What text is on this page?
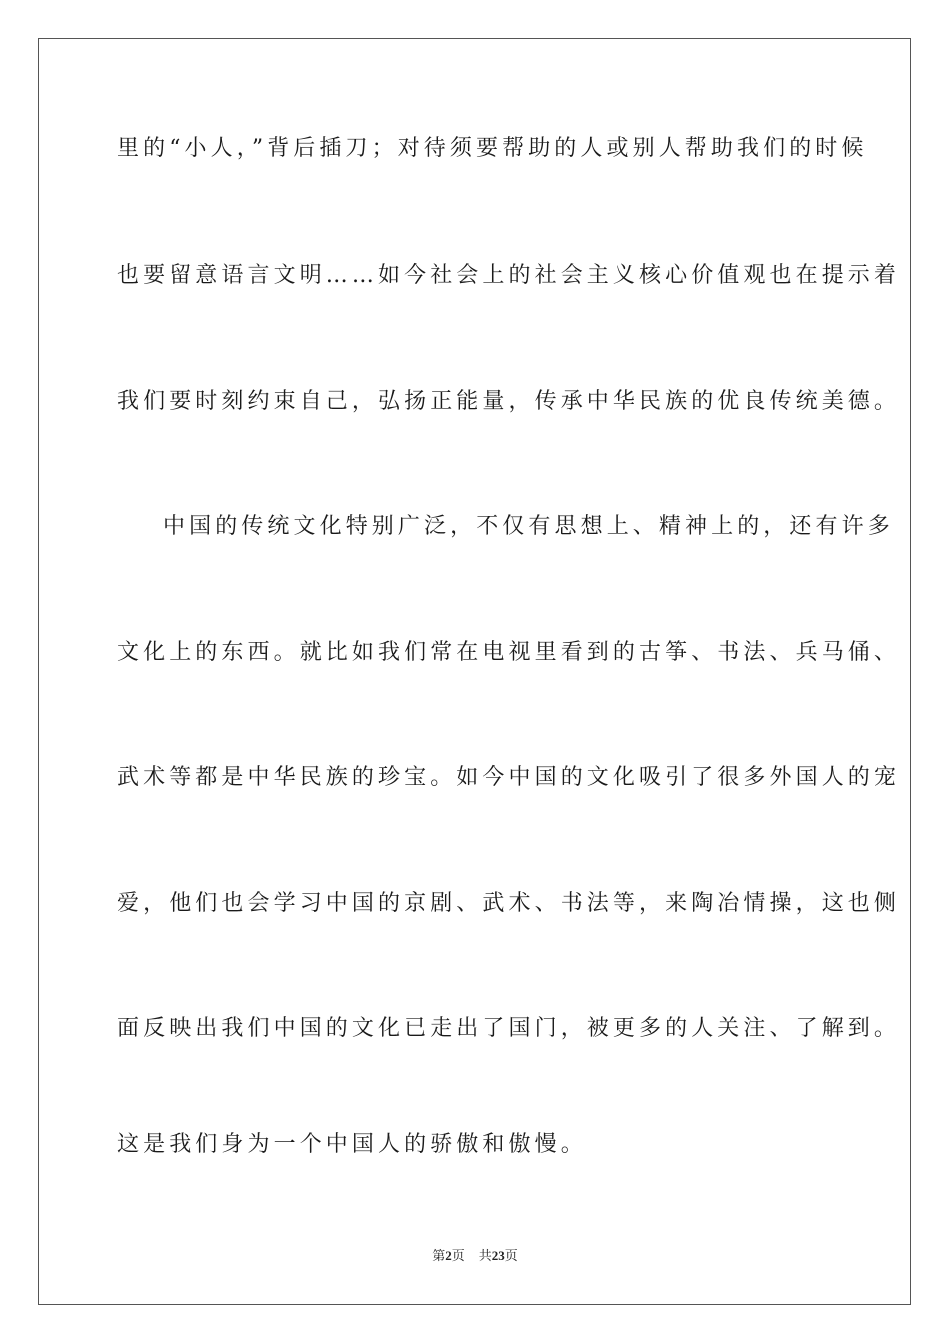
里的“小人，”背后插刀；对待须要帮助的人或别人帮助我们的时候
也要留意语言文明……如今社会上的社会主义核心价值观也在提示着
我们要时刻约束自己，弘扬正能量，传承中华民族的优良传统美德。
中国的传统文化特别广泛，不仅有思想上、精神上的，还有许多
文化上的东西。就比如我们常在电视里看到的古筝、书法、兵马俑、
武术等都是中华民族的珍宝。如今中国的文化吸引了很多外国人的宠
爱，他们也会学习中国的京剧、武术、书法等，来陶冶情操，这也侧
面反映出我们中国的文化已走出了国门，被更多的人关注、了解到。
这是我们身为一个中国人的骄傲和傲慢。
第2页 共23页
